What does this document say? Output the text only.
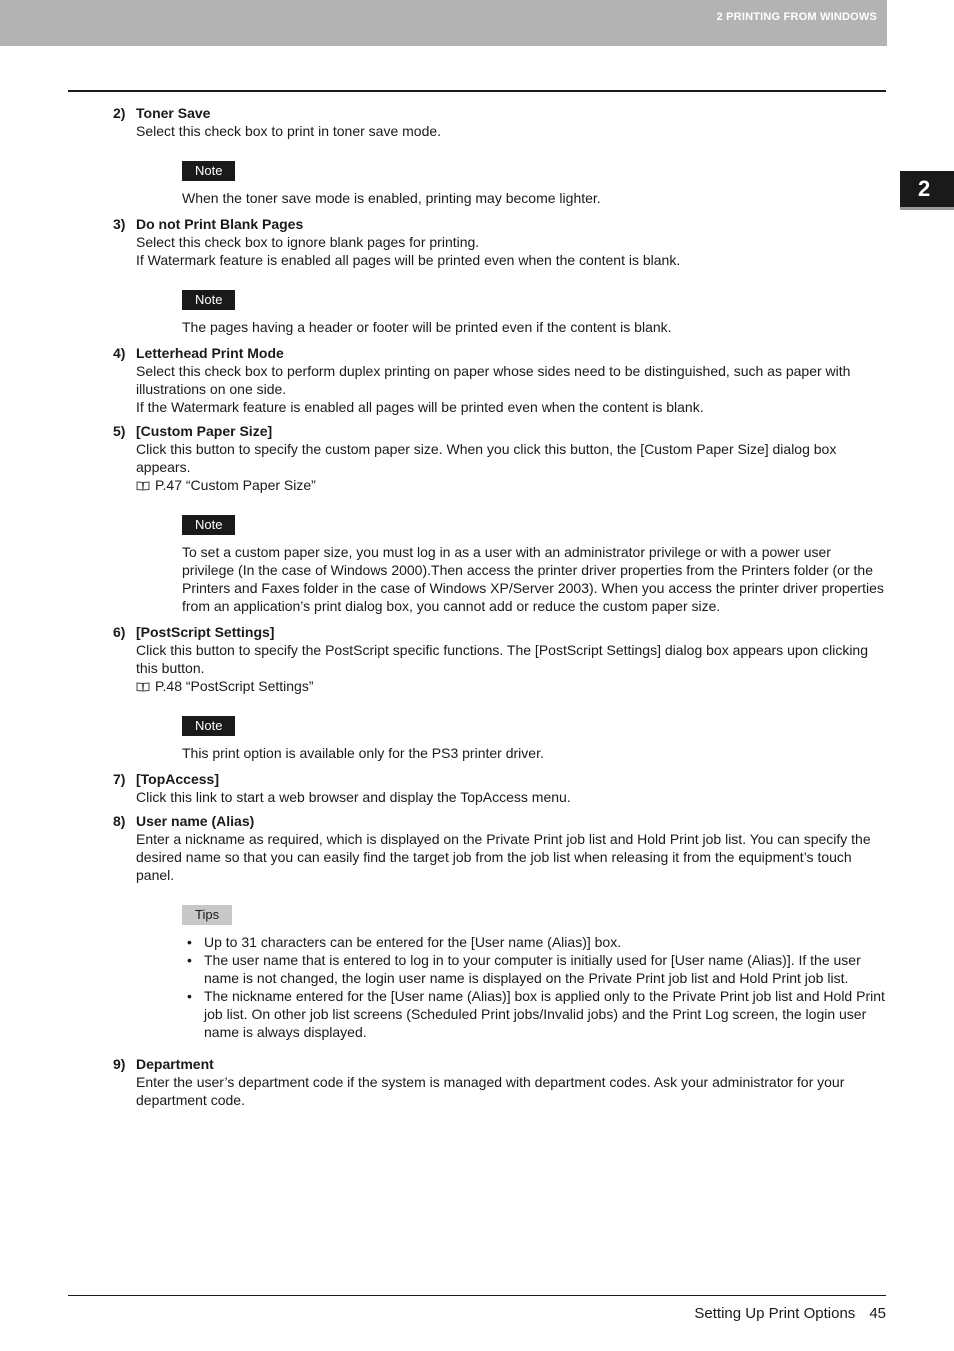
2 PRINTING FROM WINDOWS
2
2) Toner Save
Select this check box to print in toner save mode.
Note
When the toner save mode is enabled, printing may become lighter.
3) Do not Print Blank Pages
Select this check box to ignore blank pages for printing.
If Watermark feature is enabled all pages will be printed even when the content is blank.
Note
The pages having a header or footer will be printed even if the content is blank.
4) Letterhead Print Mode
Select this check box to perform duplex printing on paper whose sides need to be distinguished, such as paper with illustrations on one side.
If the Watermark feature is enabled all pages will be printed even when the content is blank.
5) [Custom Paper Size]
Click this button to specify the custom paper size. When you click this button, the [Custom Paper Size] dialog box appears.
P.47 “Custom Paper Size”
Note
To set a custom paper size, you must log in as a user with an administrator privilege or with a power user privilege (In the case of Windows 2000).Then access the printer driver properties from the Printers folder (or the Printers and Faxes folder in the case of Windows XP/Server 2003). When you access the printer driver properties from an application’s print dialog box, you cannot add or reduce the custom paper size.
6) [PostScript Settings]
Click this button to specify the PostScript specific functions. The [PostScript Settings] dialog box appears upon clicking this button.
P.48 “PostScript Settings”
Note
This print option is available only for the PS3 printer driver.
7) [TopAccess]
Click this link to start a web browser and display the TopAccess menu.
8) User name (Alias)
Enter a nickname as required, which is displayed on the Private Print job list and Hold Print job list. You can specify the desired name so that you can easily find the target job from the job list when releasing it from the equipment’s touch panel.
Tips
• Up to 31 characters can be entered for the [User name (Alias)] box.
• The user name that is entered to log in to your computer is initially used for [User name (Alias)]. If the user name is not changed, the login user name is displayed on the Private Print job list and Hold Print job list.
• The nickname entered for the [User name (Alias)] box is applied only to the Private Print job list and Hold Print job list. On other job list screens (Scheduled Print jobs/Invalid jobs) and the Print Log screen, the login user name is always displayed.
9) Department
Enter the user’s department code if the system is managed with department codes. Ask your administrator for your department code.
Setting Up Print Options 45
